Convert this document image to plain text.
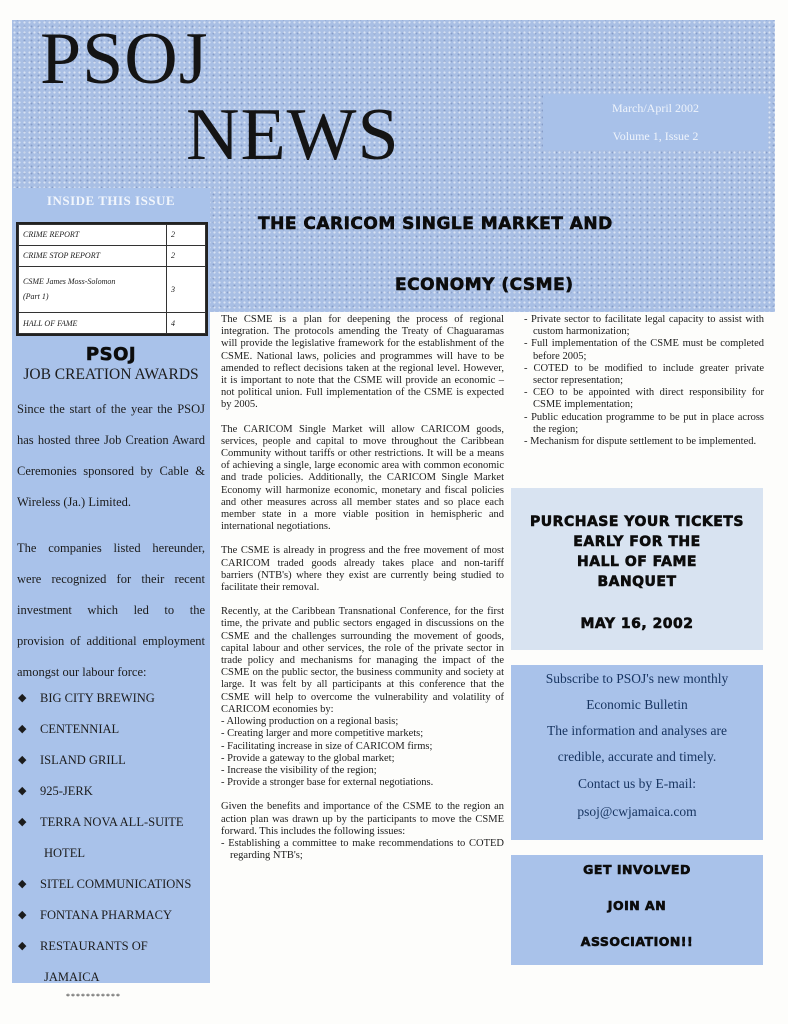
PSOJ
NEWS	March/April 2002
Volume 1, Issue 2
INSIDE THIS ISSUE
CRIME REPORT	2
CRIME STOP REPORT	2

CSME James Moss-Solomon
(Part 1)	3
HALL OF FAME	4
THE CARICOM SINGLE MARKET AND
ECONOMY (CSME)
PSOJ
JOB CREATION AWARDS
Since the start of the year the PSOJ has hosted three Job Creation Award Ceremonies sponsored by Cable & Wireless (Ja.) Limited.
The companies listed hereunder, were recognized for their recent investment which led to the provision of additional employment amongst our labour force:
◆ BIG CITY BREWING
◆ CENTENNIAL
◆ ISLAND GRILL
◆ 925-JERK
◆ TERRA NOVA ALL-SUITE
HOTEL
◆ SITEL COMMUNICATIONS
◆ FONTANA PHARMACY
◆ RESTAURANTS OF
JAMAICA
***********

The CSME is a plan for deepening the process of regional integration. The protocols amending the Treaty of Chaguaramas will provide the legislative framework for the establishment of the CSME. National laws, policies and programmes will have to be amended to reflect decisions taken at the regional level. However, it is important to note that the CSME will provide an economic – not political union. Full implementation of the CSME is expected by 2005.

The CARICOM Single Market will allow CARICOM goods, services, people and capital to move throughout the Caribbean Community without tariffs or other restrictions. It will be a means of achieving a single, large economic area with common economic and trade policies. Additionally, the CARICOM Single Market Economy will harmonize economic, monetary and fiscal policies and other measures across all member states and so place each member state in a more viable position in hemispheric and international negotiations.

The CSME is already in progress and the free movement of most CARICOM traded goods already takes place and non-tariff barriers (NTB's) where they exist are currently being studied to facilitate their removal.

Recently, at the Caribbean Transnational Conference, for the first time, the private and public sectors engaged in discussions on the CSME and the challenges surrounding the movement of goods, capital labour and other services, the role of the private sector in trade policy and mechanisms for managing the impact of the CSME on the public sector, the business community and society at large. It was felt by all participants at this conference that the CSME will help to overcome the vulnerability and volatility of CARICOM economies by:

- Allowing production on a regional basis;
- Creating larger and more competitive markets;
- Facilitating increase in size of CARICOM firms;
- Provide a gateway to the global market;
- Increase the visibility of the region;
- Provide a stronger base for external negotiations.

Given the benefits and importance of the CSME to the region an action plan was drawn up by the participants to move the CSME forward. This includes the following issues:

- Establishing a committee to make recommendations to COTED regarding NTB's;
- Private sector to facilitate legal capacity to assist with custom harmonization;
- Full implementation of the CSME must be completed before 2005;
- COTED to be modified to include greater private sector representation;
- CEO to be appointed with direct responsibility for CSME implementation;
- Public education programme to be put in place across the region;
- Mechanism for dispute settlement to be implemented.
PURCHASE YOUR TICKETS
EARLY FOR THE
HALL OF FAME
BANQUET
MAY 16, 2002
Subscribe to PSOJ's new monthly
Economic Bulletin
The information and analyses are
credible, accurate and timely.
Contact us by E-mail:
psoj@cwjamaica.com
GET INVOLVED
JOIN AN
ASSOCIATION!!
